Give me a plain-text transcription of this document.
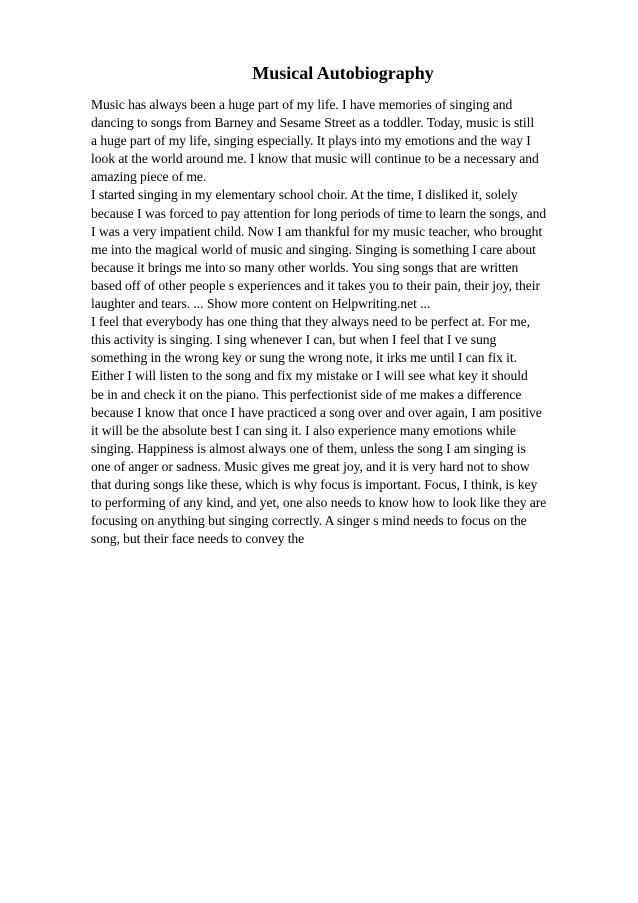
Musical Autobiography

Music has always been a huge part of my life. I have memories of singing and
dancing to songs from Barney and Sesame Street as a toddler. Today, music is still
a huge part of my life, singing especially. It plays into my emotions and the way I
look at the world around me. I know that music will continue to be a necessary and
amazing piece of me.

I started singing in my elementary school choir. At the time, I disliked it, solely
because I was forced to pay attention for long periods of time to learn the songs, and
I was a very impatient child. Now I am thankful for my music teacher, who brought
me into the magical world of music and singing. Singing is something I care about
because it brings me into so many other worlds. You sing songs that are written
based off of other people s experiences and it takes you to their pain, their joy, their
laughter and tears. ... Show more content on Helpwriting.net ...

I feel that everybody has one thing that they always need to be perfect at. For me,
this activity is singing. I sing whenever I can, but when I feel that I ve sung
something in the wrong key or sung the wrong note, it irks me until I can fix it.
Either I will listen to the song and fix my mistake or I will see what key it should
be in and check it on the piano. This perfectionist side of me makes a difference
because I know that once I have practiced a song over and over again, I am positive
it will be the absolute best I can sing it. I also experience many emotions while
singing. Happiness is almost always one of them, unless the song I am singing is
one of anger or sadness. Music gives me great joy, and it is very hard not to show
that during songs like these, which is why focus is important. Focus, I think, is key
to performing of any kind, and yet, one also needs to know how to look like they are
focusing on anything but singing correctly. A singer s mind needs to focus on the
song, but their face needs to convey the
